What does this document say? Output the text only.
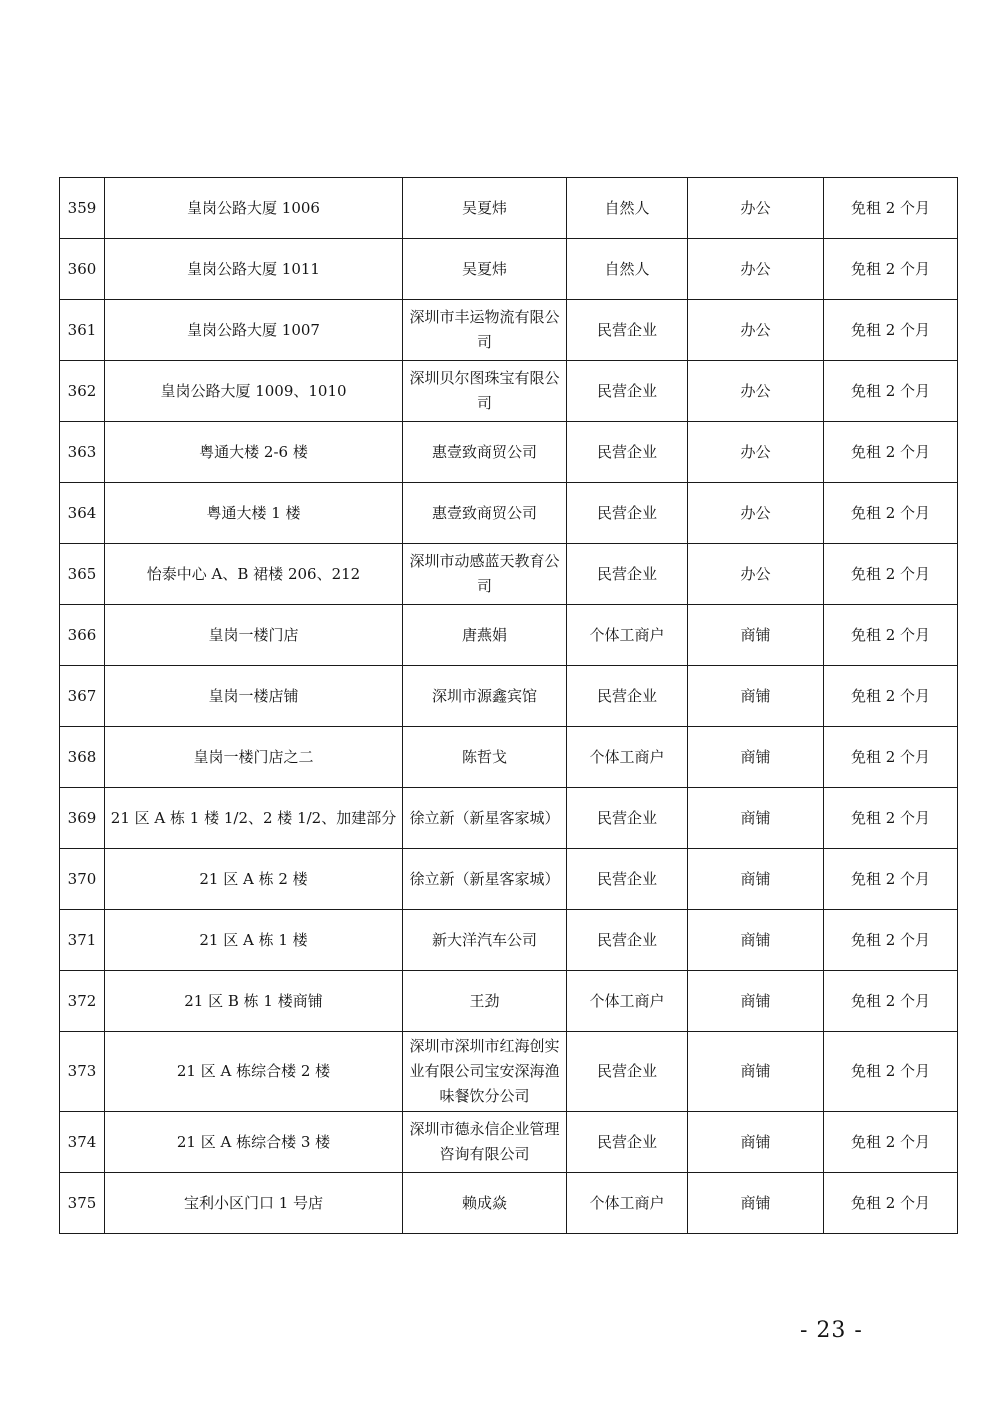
359	皇岗公路大厦 1006	吴夏炜	自然人	办公	免租 2 个月
360	皇岗公路大厦 1011	吴夏炜	自然人	办公	免租 2 个月
361	皇岗公路大厦 1007	深圳市丰运物流有限公司	民营企业	办公	免租 2 个月
362	皇岗公路大厦 1009、1010	深圳贝尔图珠宝有限公司	民营企业	办公	免租 2 个月
363	粤通大楼 2-6 楼	惠壹致商贸公司	民营企业	办公	免租 2 个月
364	粤通大楼 1 楼	惠壹致商贸公司	民营企业	办公	免租 2 个月
365	怡泰中心 A、B 裙楼 206、212	深圳市动感蓝天教育公司	民营企业	办公	免租 2 个月
366	皇岗一楼门店	唐燕娟	个体工商户	商铺	免租 2 个月
367	皇岗一楼店铺	深圳市源鑫宾馆	民营企业	商铺	免租 2 个月
368	皇岗一楼门店之二	陈哲戈	个体工商户	商铺	免租 2 个月
369	21 区 A 栋 1 楼 1/2、2 楼 1/2、加建部分	徐立新（新星客家城）	民营企业	商铺	免租 2 个月
370	21 区 A 栋 2 楼	徐立新（新星客家城）	民营企业	商铺	免租 2 个月
371	21 区 A 栋 1 楼	新大洋汽车公司	民营企业	商铺	免租 2 个月
372	21 区 B 栋 1 楼商铺	王劲	个体工商户	商铺	免租 2 个月
373	21 区 A 栋综合楼 2 楼	深圳市深圳市红海创实业有限公司宝安深海渔味餐饮分公司	民营企业	商铺	免租 2 个月
374	21 区 A 栋综合楼 3 楼	深圳市德永信企业管理咨询有限公司	民营企业	商铺	免租 2 个月
375	宝利小区门口 1 号店	赖成焱	个体工商户	商铺	免租 2 个月
- 23 -
